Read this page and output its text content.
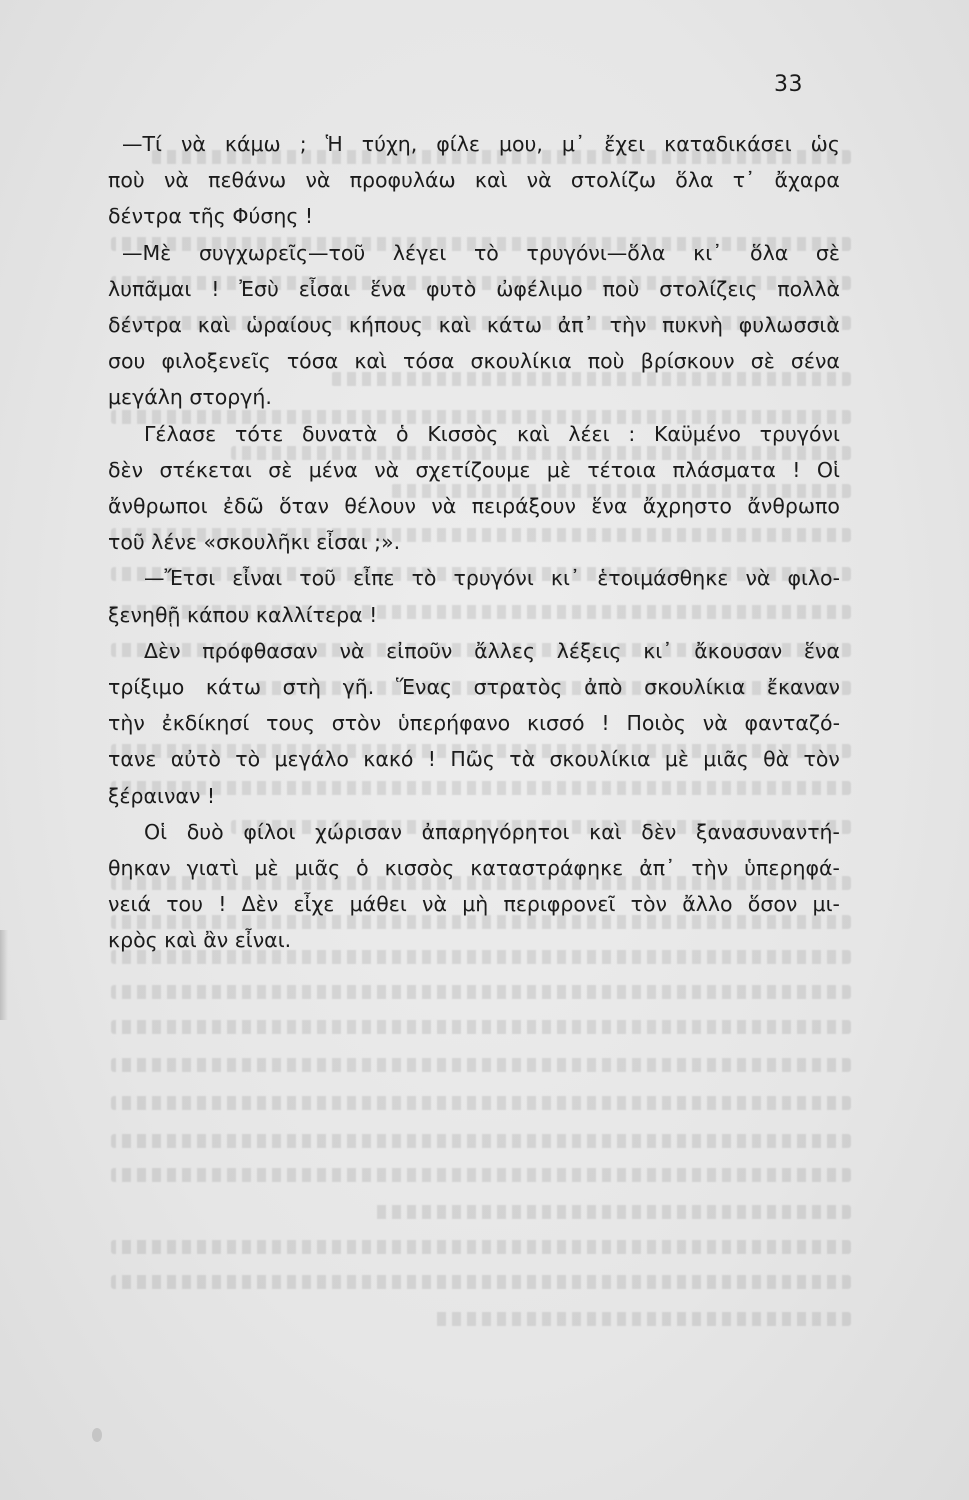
33
—Τί νὰ κάμω ; Ἡ τύχη, φίλε μου, μ᾽ ἔχει καταδικάσει ὡς
ποὺ νὰ πεθάνω νὰ προφυλάω καὶ νὰ στολίζω ὅλα τ᾽ ἄχαρα
δέντρα τῆς Φύσης !
—Μὲ συγχωρεῖς—τοῦ λέγει τὸ τρυγόνι—ὅλα κι᾽ ὅλα σὲ
λυπᾶμαι ! Ἐσὺ εἶσαι ἕνα φυτὸ ὠφέλιμο ποὺ στολίζεις πολλὰ
δέντρα καὶ ὡραίους κήπους καὶ κάτω ἀπ᾽ τὴν πυκνὴ φυλωσσιὰ
σου φιλοξενεῖς τόσα καὶ τόσα σκουλίκια ποὺ βρίσκουν σὲ σένα
μεγάλη στοργή.
Γέλασε τότε δυνατὰ ὁ Κισσὸς καὶ λέει : Καϋμένο τρυγόνι
δὲν στέκεται σὲ μένα νὰ σχετίζουμε μὲ τέτοια πλάσματα ! Οἱ
ἄνθρωποι ἐδῶ ὅταν θέλουν νὰ πειράξουν ἕνα ἄχρηστο ἄνθρωπο
τοῦ λένε «σκουλῆκι εἶσαι ;».
—Ἔτσι εἶναι τοῦ εἶπε τὸ τρυγόνι κι᾽ ἑτοιμάσθηκε νὰ φιλο-
ξενηθῇ κάπου καλλίτερα !
Δὲν πρόφθασαν νὰ εἰποῦν ἄλλες λέξεις κι᾽ ἄκουσαν ἕνα
τρίξιμο κάτω στὴ γῆ. Ἕνας στρατὸς ἀπὸ σκουλίκια ἔκαναν
τὴν ἐκδίκησί τους στὸν ὑπερήφανο κισσό ! Ποιὸς νὰ φανταζό-
τανε αὐτὸ τὸ μεγάλο κακό ! Πῶς τὰ σκουλίκια μὲ μιᾶς θὰ τὸν
ξέραιναν !
Οἱ δυὸ φίλοι χώρισαν ἀπαρηγόρητοι καὶ δὲν ξανασυναντή-
θηκαν γιατὶ μὲ μιᾶς ὁ κισσὸς καταστράφηκε ἀπ᾽ τὴν ὑπερηφά-
νειά του ! Δὲν εἶχε μάθει νὰ μὴ περιφρονεῖ τὸν ἄλλο ὅσον μι-
κρὸς καὶ ἂν εἶναι.
